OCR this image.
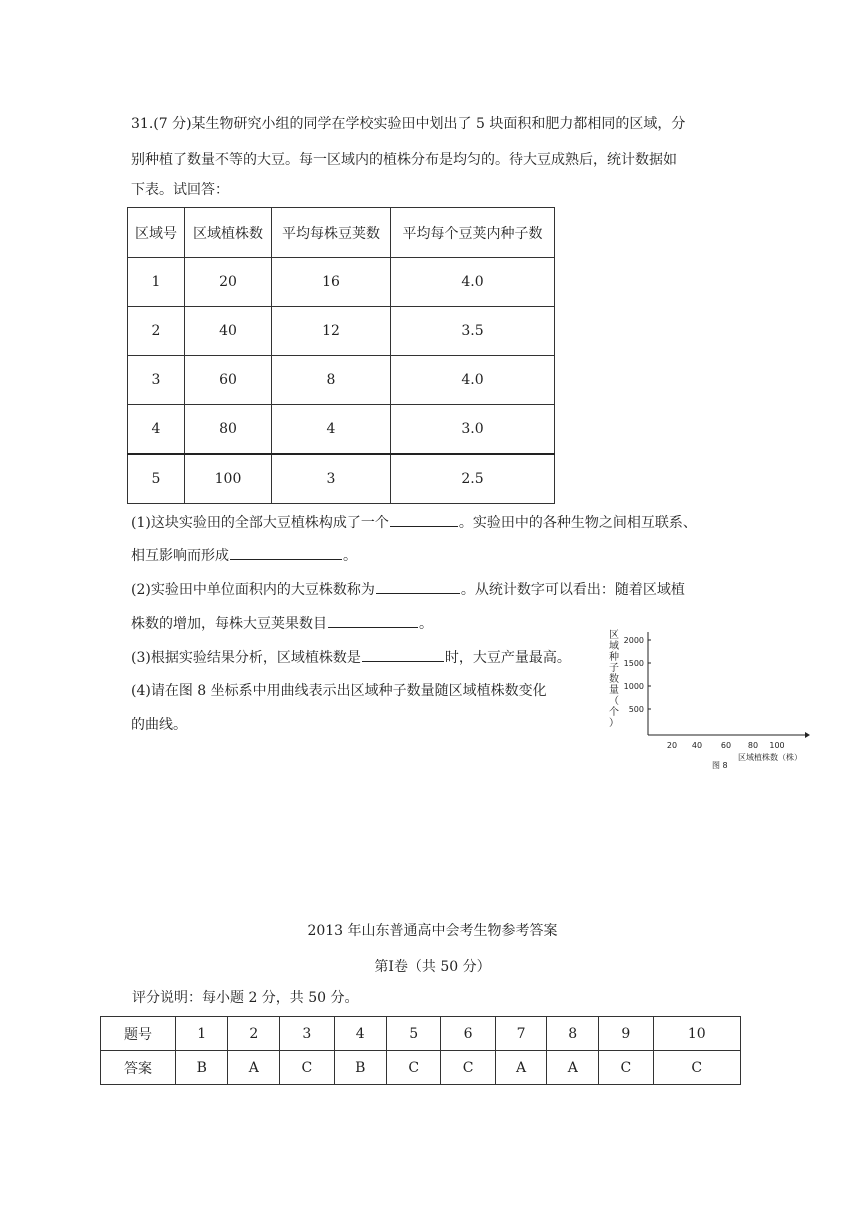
31.(7 分)某生物研究小组的同学在学校实验田中划出了 5 块面积和肥力都相同的区域，分
别种植了数量不等的大豆。每一区域内的植株分布是均匀的。待大豆成熟后，统计数据如
下表。试回答：
区域号	区域植株数	平均每株豆荚数	平均每个豆荚内种子数
1	20	16	4.0
2	40	12	3.5
3	60	8	4.0
4	80	4	3.0
5	100	3	2.5
(1)这块实验田的全部大豆植株构成了一个	。实验田中的各种生物之间相互联系、
相互影响而形成	。
(2)实验田中单位面积内的大豆株数称为	。从统计数字可以看出：随着区域植
株数的增加，每株大豆荚果数目	。
(3)根据实验结果分析，区域植株数是	时，大豆产量最高。
(4)请在图 8 坐标系中用曲线表示出区域种子数量随区域植株数变化
的曲线。
区域种子数量（个）
2000
1500
1000
500
20 40 60 80 100
图 8
区域植株数（株）
2013 年山东普通高中会考生物参考答案
第Ⅰ卷（共 50 分）
评分说明：每小题 2 分，共 50 分。
题号	1	2	3	4	5	6	7	8	9	10
答案	B	A	C	B	C	C	A	A	C	C
